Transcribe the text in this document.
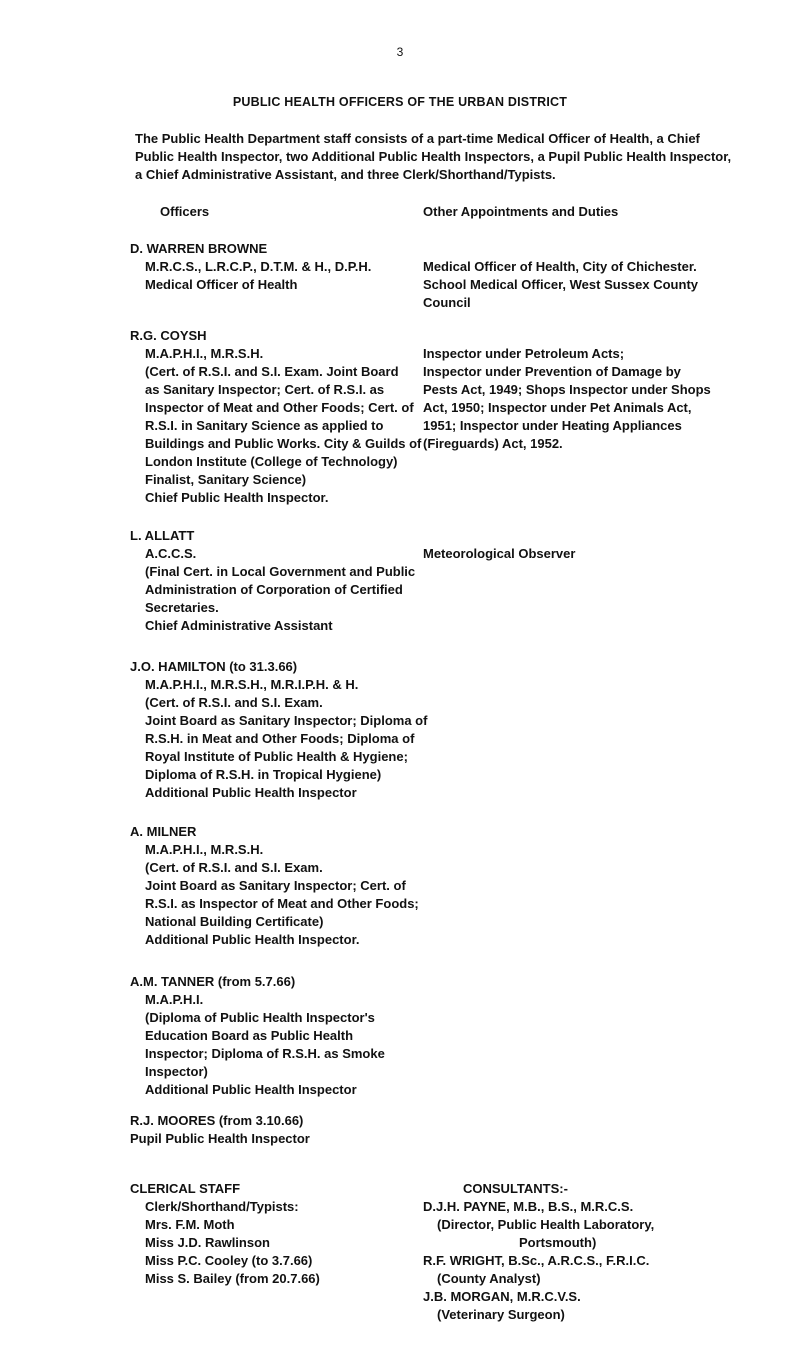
3
PUBLIC HEALTH OFFICERS OF THE URBAN DISTRICT
The Public Health Department staff consists of a part-time Medical Officer of Health, a Chief
Public Health Inspector, two Additional Public Health Inspectors, a Pupil Public Health Inspector,
a Chief Administrative Assistant, and three Clerk/Shorthand/Typists.
Officers	Other Appointments and Duties
D. WARREN BROWNE
M.R.C.S., L.R.C.P., D.T.M. & H., D.P.H.
Medical Officer of Health
Medical Officer of Health, City of Chichester.
School Medical Officer, West Sussex County
Council
R.G. COYSH
M.A.P.H.I., M.R.S.H.
(Cert. of R.S.I. and S.I. Exam. Joint Board
as Sanitary Inspector; Cert. of R.S.I. as
Inspector of Meat and Other Foods; Cert. of
R.S.I. in Sanitary Science as applied to
Buildings and Public Works. City & Guilds of
London Institute (College of Technology)
Finalist, Sanitary Science)
Chief Public Health Inspector.
Inspector under Petroleum Acts;
Inspector under Prevention of Damage by
Pests Act, 1949; Shops Inspector under Shops
Act, 1950; Inspector under Pet Animals Act,
1951; Inspector under Heating Appliances
(Fireguards) Act, 1952.
L. ALLATT
A.C.C.S.
(Final Cert. in Local Government and Public
Administration of Corporation of Certified
Secretaries.
Chief Administrative Assistant
Meteorological Observer
J.O. HAMILTON (to 31.3.66)
M.A.P.H.I., M.R.S.H., M.R.I.P.H. & H.
(Cert. of R.S.I. and S.I. Exam.
Joint Board as Sanitary Inspector; Diploma of
R.S.H. in Meat and Other Foods; Diploma of
Royal Institute of Public Health & Hygiene;
Diploma of R.S.H. in Tropical Hygiene)
Additional Public Health Inspector
A. MILNER
M.A.P.H.I., M.R.S.H.
(Cert. of R.S.I. and S.I. Exam.
Joint Board as Sanitary Inspector; Cert. of
R.S.I. as Inspector of Meat and Other Foods;
National Building Certificate)
Additional Public Health Inspector.
A.M. TANNER (from 5.7.66)
M.A.P.H.I.
(Diploma of Public Health Inspector's
Education Board as Public Health
Inspector; Diploma of R.S.H. as Smoke
Inspector)
Additional Public Health Inspector
R.J. MOORES (from 3.10.66)
Pupil Public Health Inspector
CLERICAL STAFF
Clerk/Shorthand/Typists:
Mrs. F.M. Moth
Miss J.D. Rawlinson
Miss P.C. Cooley (to 3.7.66)
Miss S. Bailey (from 20.7.66)
CONSULTANTS:-
D.J.H. PAYNE, M.B., B.S., M.R.C.S.
(Director, Public Health Laboratory,
Portsmouth)
R.F. WRIGHT, B.Sc., A.R.C.S., F.R.I.C.
(County Analyst)
J.B. MORGAN, M.R.C.V.S.
(Veterinary Surgeon)
